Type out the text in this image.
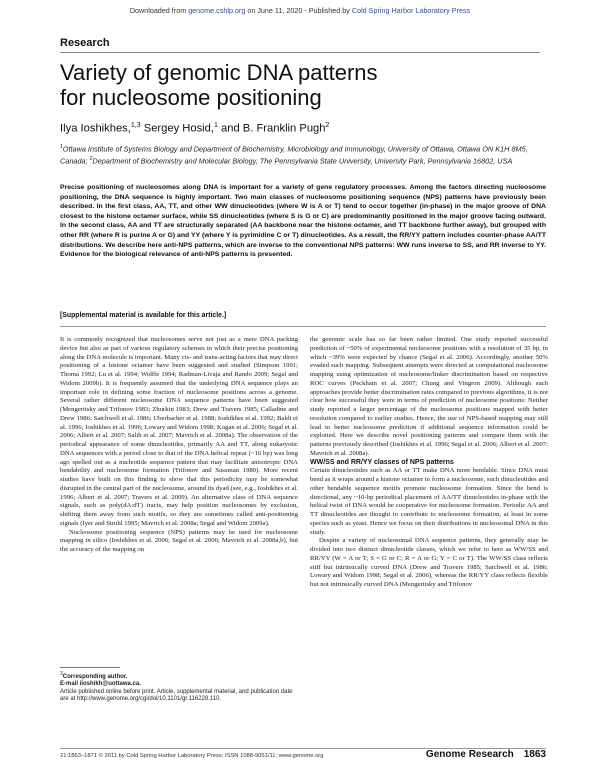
Downloaded from genome.cshlp.org on June 11, 2020 - Published by Cold Spring Harbor Laboratory Press
Research
Variety of genomic DNA patterns
for nucleosome positioning
Ilya Ioshikhes,$^{1,3}$ Sergey Hosid,$^1$ and B. Franklin Pugh$^2$

$^1$Ottawa Institute of Systems Biology and Department of Biochemistry, Microbiology and Immunology, University of Ottawa, Ottawa ON K1H 8M5, Canada; $^2$Department of Biochemistry and Molecular Biology, The Pennsylvania State University, University Park, Pennsylvania 16802, USA

Precise positioning of nucleosomes along DNA is important for a variety of gene regulatory processes. Among the factors directing nucleosome positioning, the DNA sequence is highly important. Two main classes of nucleosome positioning sequence (NPS) patterns have previously been described. In the first class, AA, TT, and other WW dinucleotides (where W is A or T) tend to occur together (in-phase) in the major groove of DNA closest to the histone octamer surface, while SS dinucleotides (where S is G or C) are predominantly positioned in the major groove facing outward. In the second class, AA and TT are structurally separated (AA backbone near the histone octamer, and TT backbone further away), but grouped with other RR (where R is purine A or G) and YY (where Y is pyrimidine C or T) dinucleotides. As a result, the RR/YY pattern includes counter-phase AA/TT distributions. We describe here anti-NPS patterns, which are inverse to the conventional NPS patterns: WW runs inverse to SS, and RR inverse to YY. Evidence for the biological relevance of anti-NPS patterns is presented.

[Supplemental material is available for this article.]

It is commonly recognized that nucleosomes serve not just as a mere DNA packing device but also as part of various regulatory schemes in which their precise positioning along the DNA molecule is important. Many cis- and trans-acting factors that may direct positioning of a histone octamer have been suggested and studied (Simpson 1991; Thoma 1992; Lu et al. 1994; Wolffe 1994; Radman-Livaja and Rando 2009; Segal and Widom 2009b). It is frequently assumed that the underlying DNA sequence plays an important role in defining some fraction of nucleosome positions across a genome. Several rather different nucleosome DNA sequence patterns have been suggested (Mengeritsky and Trifonov 1983; Zhurkin 1983; Drew and Travers 1985; Calladine and Drew 1986; Satchwell et al. 1986; Uberbacher et al. 1988; Ioshikhes et al. 1992; Baldi et al. 1996; Ioshikhes et al. 1996; Lowary and Widom 1998; Kogan et al. 2006; Segal et al. 2006; Albert et al. 2007; Salih et al. 2007; Mavrich et al. 2008a). The observation of the periodical appearance of some dinucleotides, primarily AA and TT, along eukaryotic DNA sequences with a period close to that of the DNA helical repeat (~10 bp) was long ago spelled out as a nucleotide sequence pattern that may facilitate anisotropic DNA bendability and nucleosome formation (Trifonov and Sussman 1980). More recent studies have built on this finding to show that this periodicity may be somewhat disrupted in the central part of the nucleosome, around its dyad (see, e.g., Ioshikhes et al. 1996; Albert et al. 2007; Travers et al. 2009). An alternative class of DNA sequence signals, such as poly(dA:dT) tracts, may help position nucleosomes by exclusion, shifting them away from such motifs, so they are sometimes called anti-positioning signals (Iyer and Struhl 1995; Mavrich et al. 2008a; Segal and Widom 2009a).

Nucleosome positioning sequence (NPS) patterns may be used for nucleosome mapping in silico (Ioshikhes et al. 2006; Segal et al. 2006; Mavrich et al. 2008a,b), but the accuracy of the mapping on

the genomic scale has so far been rather limited. One study reported successful prediction of ~50% of experimental nucleosome positions with a resolution of 35 bp, in which ~39% were expected by chance (Segal et al. 2006). Accordingly, another 50% evaded such mapping. Subsequent attempts were directed at computational nucleosome mapping using optimization of nucleosome/linker discrimination based on respective ROC curves (Peckham et al. 2007; Chung and Vingron 2009). Although such approaches provide better discrimination rates compared to previous algorithms, it is not clear how successful they were in terms of prediction of nucleosome positions: Neither study reported a larger percentage of the nucleosome positions mapped with better resolution compared to earlier studies. Hence, the use of NPS-based mapping may still lead to better nucleosome prediction if additional sequence information could be exploited. Here we describe novel positioning patterns and compare them with the patterns previously described (Ioshikhes et al. 1996; Segal et al. 2006; Albert et al. 2007; Mavrich et al. 2008a).

WW/SS and RR/YY classes of NPS patterns

Certain dinucleotides such as AA or TT make DNA more bendable. Since DNA must bend as it wraps around a histone octamer to form a nucleosome, such dinucleotides and other bendable sequence motifs promote nucleosome formation. Since the bend is directional, any ~10-bp periodical placement of AA/TT dinucleotides in-phase with the helical twist of DNA would be cooperative for nucleosome formation. Periodic AA and TT dinucleotides are thought to contribute to nucleosome formation, at least in some species such as yeast. Hence we focus on their distributions in nucleosomal DNA in this study.

Despite a variety of nucleosomal DNA sequence patterns, they generally may be divided into two distinct dinucleotide classes, which we refer to here as WW/SS and RR/YY (W = A or T; S = G or C; R = A or G; Y = C or T). The WW/SS class reflects stiff but intrinsically curved DNA (Drew and Travers 1985; Satchwell et al. 1986; Lowary and Widom 1998; Segal et al. 2006), whereas the RR/YY class reflects flexible but not intrinsically curved DNA (Mengeritsky and Trifonov

$^3$Corresponding author.
E-mail iioshikh@uottawa.ca.
Article published online before print. Article, supplemental material, and publication date are at http://www.genome.org/cgi/doi/10.1101/gr.116228.110.
21:1863–1871 © 2011 by Cold Spring Harbor Laboratory Press; ISSN 1088-9051/11; www.genome.org	Genome Research 1863
